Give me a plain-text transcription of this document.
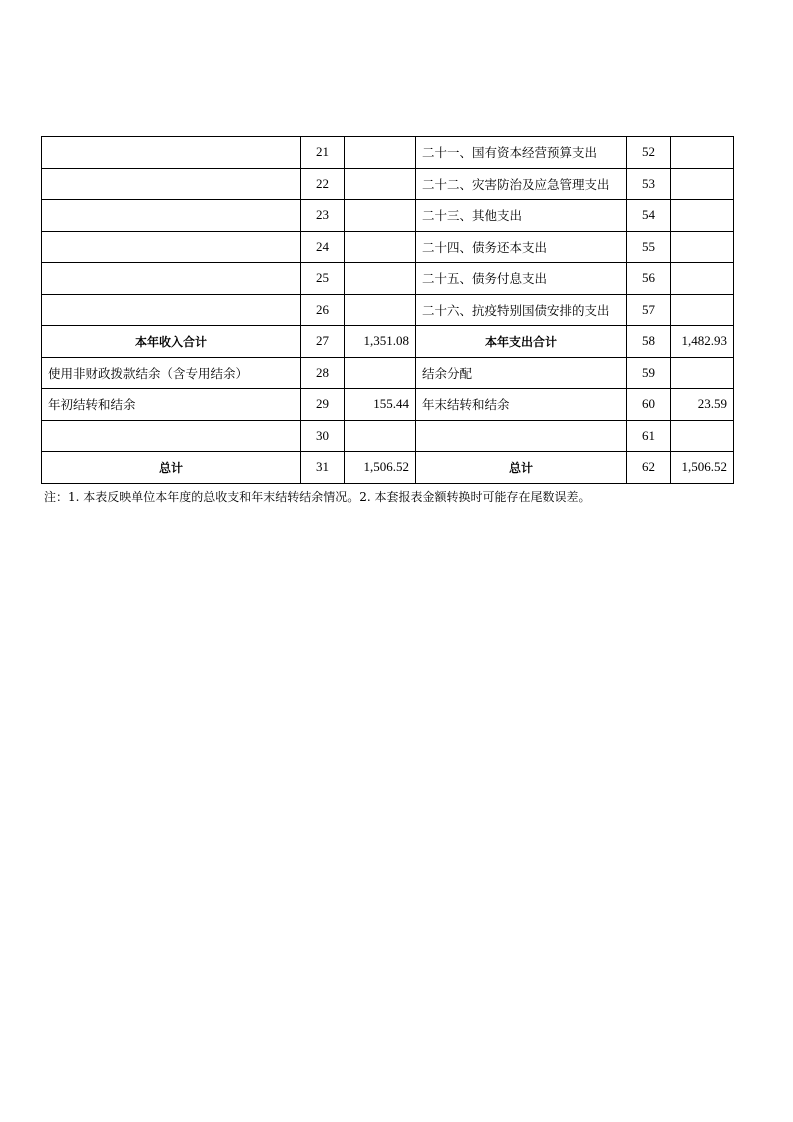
	21		二十一、国有资本经营预算支出	52	
	22		二十二、灾害防治及应急管理支出	53	
	23		二十三、其他支出	54	
	24		二十四、债务还本支出	55	
	25		二十五、债务付息支出	56	
	26		二十六、抗疫特别国债安排的支出	57	
本年收入合计	27	1,351.08	本年支出合计	58	1,482.93
使用非财政拨款结余（含专用结余）	28		结余分配	59	
年初结转和结余	29	155.44	年末结转和结余	60	23.59
	30			61	
总计	31	1,506.52	总计	62	1,506.52
注：1. 本表反映单位本年度的总收支和年末结转结余情况。2. 本套报表金额转换时可能存在尾数误差。
